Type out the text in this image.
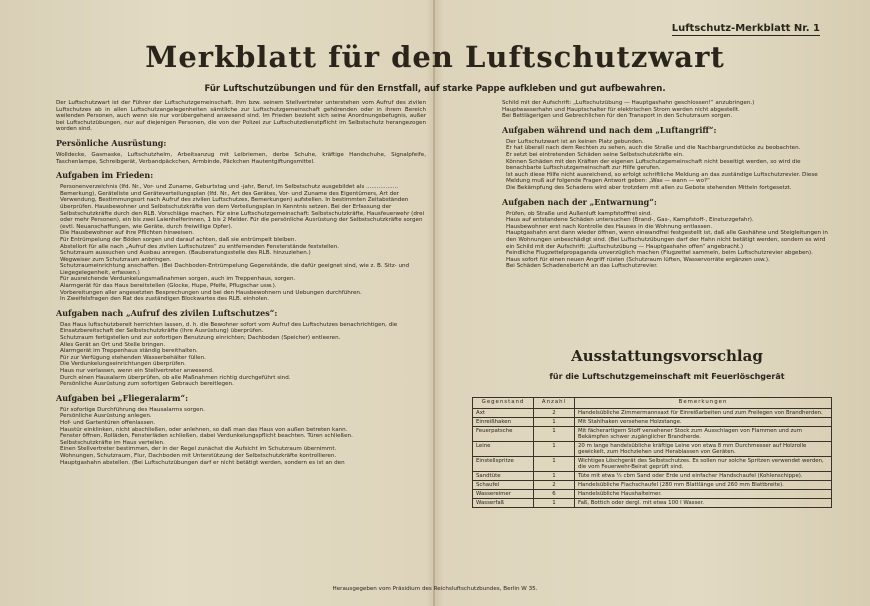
Luftschutz-Merkblatt Nr. 1
Merkblatt für den Luftschutzwart
Für Luftschutzübungen und für den Ernstfall, auf starke Pappe aufkleben und gut aufbewahren.

Der Luftschutzwart ist der Führer der Luftschutzgemeinschaft. Ihm bzw. seinem Stellvertreter unterstehen vom Aufruf des zivilen Luftschutzes ab in allen Luftschutzangelegenheiten sämtliche zur Luftschutzgemeinschaft gehörenden oder in ihrem Bereich weilenden Personen, auch wenn sie nur vorübergehend anwesend sind. Im Frieden bezieht sich seine Anordnungsbefugnis, außer bei Luftschutzübungen, nur auf diejenigen Personen, die von der Polizei zur Luftschutzdienstpflicht im Selbstschutz herangezogen worden sind.

Persönliche Ausrüstung:

Wolldecke, Gasmaske, Luftschutzhelm, Arbeitsanzug mit Leibriemen, derbe Schuhe, kräftige Handschuhe, Signalpfeife, Taschenlampe, Schreibgerät, Verbandpäckchen, Armbinde, Päckchen Hautentgiftungsmittel.

Aufgaben im Frieden:
Personenverzeichnis (Ifd. Nr., Vor- und Zuname, Geburtstag und -jahr, Beruf, im Selbstschutz ausgebildet als .................. Bemerkung), Geräteliste und Geräteverteilungsplan (Ifd. Nr., Art des Gerätes, Vor- und Zuname des Eigentümers, Art der Verwendung, Bestimmungsort nach Aufruf des zivilen Luftschutzes, Bemerkungen) aufstellen. In bestimmten Zeitabständen überprüfen. Hausbewohner und Selbstschutzkräfte von dem Verteilungsplan in Kenntnis setzen. Bei der Erfassung der Selbstschutzkräfte durch den RLB. Vorschläge machen. Für eine Luftschutzgemeinschaft: Selbstschutzkräfte, Hausfeuerwehr (drei oder mehr Personen), ein bis zwei Laienhelferinnen, 1 bis 2 Melder. Für die persönliche Ausrüstung der Selbstschutzkräfte sorgen (evtl. Neuanschaffungen, wie Geräte, durch freiwillige Opfer).
Die Hausbewohner auf ihre Pflichten hinweisen.
Für Entrümpelung der Böden sorgen und darauf achten, daß sie entrümpelt bleiben.
Abstellort für alle nach „Aufruf des zivilen Luftschutzes“ zu entfernenden Fensterstände feststellen.
Schutzraum aussuchen und Ausbau anregen. (Bauberatungsstelle des RLB. hinzuziehen.)
Wegweiser zum Schutzraum anbringen.
Schutzraumeinrichtung anschaffen. (Bei Dachboden-Entrümpelung Gegenstände, die dafür geeignet sind, wie z. B. Sitz- und Liegegelegenheit, erfassen.)
Für ausreichende Verdunkelungsmaßnahmen sorgen, auch im Treppenhaus, sorgen.
Alarmgerät für das Haus bereitstellen (Glocke, Hupe, Pfeife, Pflugschar usw.).
Vorbereitungen aller angesetzten Besprechungen und bei den Hausbewohnern und Uebungen durchführen.
In Zweifelsfragen den Rat des zuständigen Blockwartes des RLB. einholen.
Aufgaben nach „Aufruf des zivilen Luftschutzes“:
Das Haus luftschutzbereit herrichten lassen, d. h. die Bewohner sofort vom Aufruf des Luftschutzes benachrichtigen, die Einsatzbereitschaft der Selbstschutzkräfte (ihre Ausrüstung) überprüfen.
Schutzraum fertigstellen und zur sofortigen Benutzung einrichten; Dachboden (Speicher) entleeren.
Alles Gerät an Ort und Stelle bringen.
Alarmgerät im Treppenhaus ständig bereithalten.
Für zur Verfügung stehenden Wasserbehälter füllen.
Die Verdunkelungseinrichtungen überprüfen.
Haus nur verlassen, wenn ein Stellvertreter anwesend.
Durch einen Hausalarm überprüfen, ob alle Maßnahmen richtig durchgeführt sind.
Persönliche Ausrüstung zum sofortigen Gebrauch bereitlegen.
Aufgaben bei „Fliegeralarm“:
Für sofortige Durchführung des Hausalarms sorgen.
Persönliche Ausrüstung anlegen.
Hof- und Gartentüren offenlassen.
Haustür einklinken, nicht abschließen, oder anlehnen, so daß man das Haus von außen betreten kann.
Fenster öffnen, Rolläden, Fensterläden schließen, dabei Verdunkelungspflicht beachten. Türen schließen.
Selbstschutzkräfte im Haus verteilen.
Einen Stellvertreter bestimmen, der in der Regel zunächst die Aufsicht im Schutzraum übernimmt.
Wohnungen, Schutzraum, Flur, Dachboden mit Unterstützung der Selbstschutzkräfte kontrollieren.
Hauptgashahn abstellen. (Bei Luftschutzübungen darf er nicht betätigt werden, sondern es ist an den
Schild mit der Aufschrift: „Luftschutzübung — Hauptgashahn geschlossen!“ anzubringen.)
Hauptwasserhahn und Hauptschalter für elektrischen Strom werden nicht abgestellt.
Bei Bettlägerigen und Gebrechlichen für den Transport in den Schutzraum sorgen.
Aufgaben während und nach dem „Luftangriff“:
Der Luftschutzwart ist an keinen Platz gebunden.
Er hat überall nach dem Rechten zu sehen, auch die Straße und die Nachbargrundstücke zu beobachten.
Er setzt bei eintretenden Schäden seine Selbstschutzkräfte ein.
Können Schäden mit den Kräften der eigenen Luftschutzgemeinschaft nicht beseitigt werden, so wird die benachbarte Luftschutzgemeinschaft zur Hilfe gerufen.
Ist auch diese Hilfe nicht ausreichend, so erfolgt schriftliche Meldung an das zuständige Luftschutzrevier. Diese Meldung muß auf folgende Fragen Antwort geben: „Was — wann — wo?“
Die Bekämpfung des Schadens wird aber trotzdem mit allen zu Gebote stehenden Mitteln fortgesetzt.
Aufgaben nach der „Entwarnung“:
Prüfen, ob Straße und Außenluft kampfstofffrei sind.
Haus auf entstandene Schäden untersuchen (Brand-, Gas-, Kampfstoff-, Einsturzgefahr).
Hausbewohner erst nach Kontrolle des Hauses in die Wohnung entlassen.
Hauptgashahn erst dann wieder öffnen, wenn einwandfrei festgestellt ist, daß alle Gashähne und Steigleitungen in den Wohnungen unbeschädigt sind. (Bei Luftschutzübungen darf der Hahn nicht betätigt werden, sondern es wird ein Schild mit der Aufschrift: „Luftschutzübung — Hauptgashahn offen“ angebracht.)
Feindliche Flugzettelpropaganda unverzüglich machen (Flugzettel sammeln, beim Luftschutzrevier abgeben).
Haus sofort für einen neuen Angriff rüsten (Schutzraum lüften, Wasservorräte ergänzen usw.).
Bei Schäden Schadensbericht an das Luftschutzrevier.
Ausstattungsvorschlag
für die Luftschutzgemeinschaft mit Feuerlöschgerät
Gegenstand	Anzahl	Bemerkungen
Axt	2	Handelsübliche Zimmermannsaxt für Einreißarbeiten und zum Freilegen von Brandherden.
Einreißhaken	1	Mit Stahlhaken versehene Holzstange.
Feuerpatsche	1	Mit fächerartigem Stoff versehener Stock zum Ausschlagen von Flammen und zum Bekämpfen schwer zugänglicher Brandherde.
Leine	1	20 m lange handelsübliche kräftige Leine von etwa 8 mm Durchmesser auf Holzrolle gewickelt, zum Hochziehen und Herablassen von Geräten.
Einstellspritze	1	Wichtiges Löschgerät des Selbstschutzes. Es sollen nur solche Spritzen verwendet werden, die vom Feuerwehr-Beirat geprüft sind.
Sandtüte	1	Tüte mit etwa ¼ cbm Sand oder Erde und einfacher Handschaufel (Kohlenschippe).
Schaufel	2	Handelsübliche Flachschaufel (280 mm Blattlänge und 260 mm Blattbreite).
Wassereimer	6	Handelsübliche Haushalteimer.
Wasserfaß	1	Faß, Bottich oder dergl. mit etwa 100 l Wasser.
Herausgegeben vom Präsidium des Reichsluftschutzbundes, Berlin W 35.
